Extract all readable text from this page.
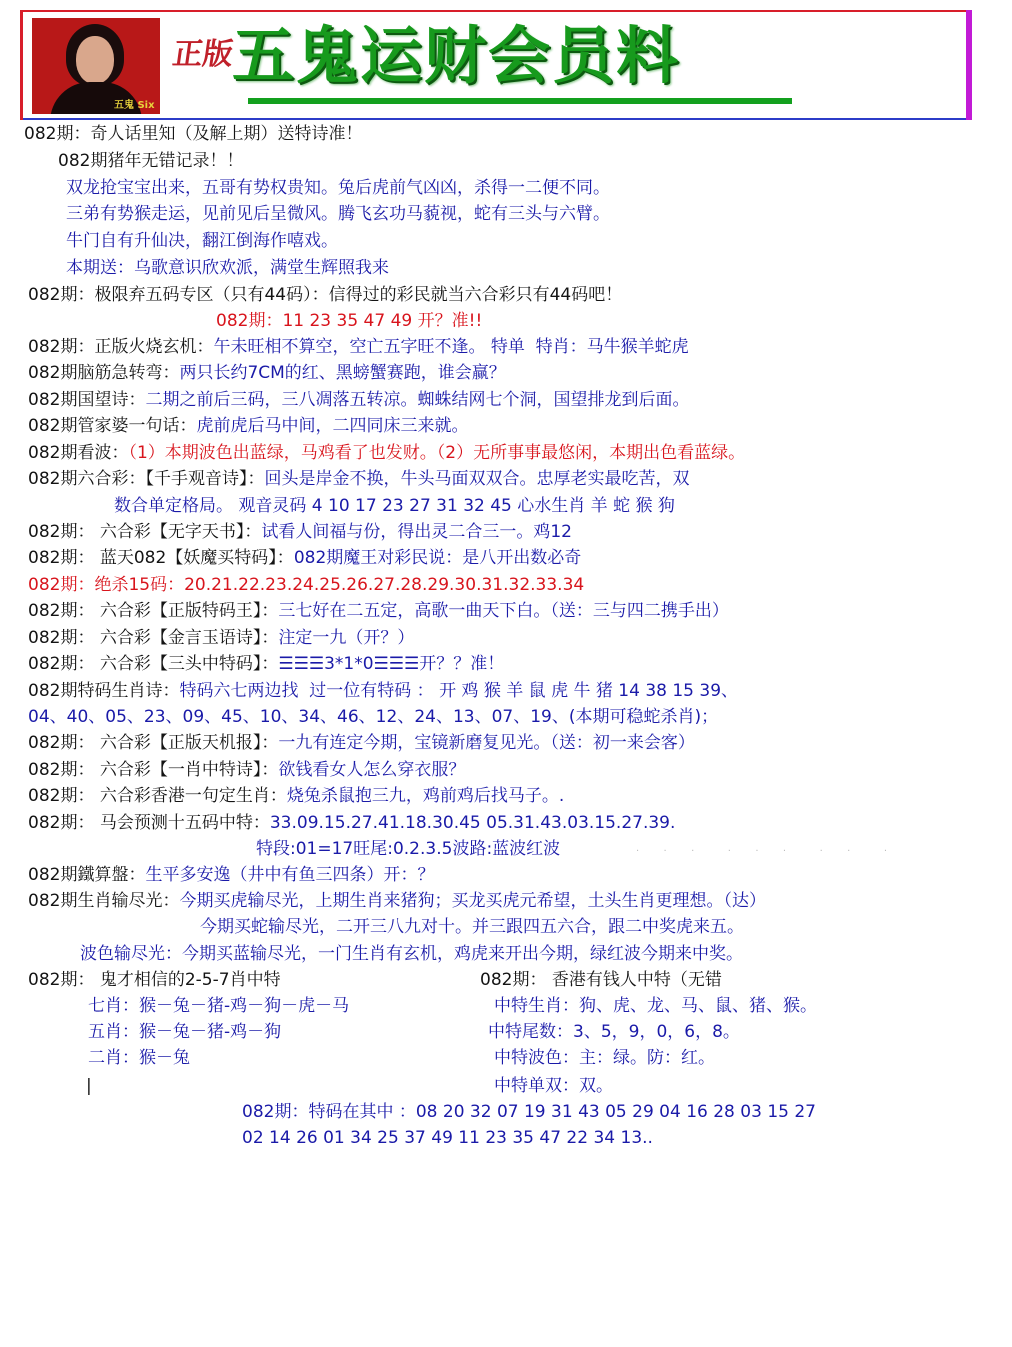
五鬼 Six
正版
五鬼运财会员料
082期：奇人话里知（及解上期）送特诗准！
082期猪年无错记录！！
双龙抢宝宝出来，五哥有势权贵知。兔后虎前气凶凶，杀得一二便不同。
三弟有势猴走运，见前见后呈微风。腾飞玄功马藐视，蛇有三头与六臂。
牛门自有升仙决，翻江倒海作嘻戏。
本期送：乌歌意识欣欢派，满堂生辉照我来
082期：极限弃五码专区（只有44码）：信得过的彩民就当六合彩只有44码吧！
082期：11 23 35 47 49 开？准!!
082期：正版火烧玄机：午未旺相不算空，空亡五字旺不逢。 特单  特肖：马牛猴羊蛇虎
082期脑筋急转弯：两只长约7CM的红、黑螃蟹赛跑，谁会赢？
082期国望诗：二期之前后三码，三八凋落五转凉。蜘蛛结网七个洞，国望排龙到后面。
082期管家婆一句话：虎前虎后马中间，二四同床三来就。
082期看波：（1）本期波色出蓝绿，马鸡看了也发财。（2）无所事事最悠闲，本期出色看蓝绿。
082期六合彩：【千手观音诗】：回头是岸金不换，牛头马面双双合。忠厚老实最吃苦，双
数合单定格局。 观音灵码 4 10 17 23 27 31 32 45 心水生肖 羊 蛇 猴 狗
082期： 六合彩【无字天书】：试看人间福与份，得出灵二合三一。鸡12
082期： 蓝天082【妖魔买特码】：082期魔王对彩民说：是八开出数必奇
082期：绝杀15码：20.21.22.23.24.25.26.27.28.29.30.31.32.33.34
082期： 六合彩【正版特码王】：三七好在二五定，高歌一曲天下白。（送：三与四二携手出）
082期： 六合彩【金言玉语诗】：注定一九（开？）
082期： 六合彩【三头中特码】：☰☰☰3*1*0☰☰☰开？？准！
082期特码生肖诗：特码六七两边找  过一位有特码 ： 开 鸡 猴 羊 鼠 虎 牛 猪 14 38 15 39、
04、40、05、23、09、45、10、34、46、12、24、13、07、19、(本期可稳蛇杀肖)；
082期： 六合彩【正版天机报】：一九有连定今期，宝镜新磨复见光。（送：初一来会客）
082期： 六合彩【一肖中特诗】：欲钱看女人怎么穿衣服？
082期： 六合彩香港一句定生肖：烧兔杀鼠抱三九，鸡前鸡后找马子。.
082期： 马会预测十五码中特：33.09.15.27.41.18.30.45 05.31.43.03.15.27.39.
特段:01=17旺尾:0.2.3.5波路:蓝波红波	·  ·  ·   ·  ·  ·   ·  ·   ·
082期鐵算盤：生平多安逸（井中有鱼三四条）开：？
082期生肖输尽光：今期买虎输尽光，上期生肖来猪狗；买龙买虎元希望，土头生肖更理想。（达）
今期买蛇输尽光，二开三八九对十。并三跟四五六合，跟二中奖虎来五。
波色输尽光：今期买蓝输尽光，一门生肖有玄机，鸡虎来开出今期，绿红波今期来中奖。
082期： 鬼才相信的2-5-7肖中特	082期： 香港有钱人中特（无错
七肖：猴－兔－猪-鸡－狗－虎－马	中特生肖：狗、虎、龙、马、鼠、猪、猴。
五肖：猴－兔－猪-鸡－狗	中特尾数：3、5，9，0，6，8。
二肖：猴－兔	中特波色：主：绿。防：红。
|	中特单双：双。
082期：特码在其中 ：08 20 32 07 19 31 43 05 29 04 16 28 03 15 27
02 14 26 01 34 25 37 49 11 23 35 47 22 34 13..
